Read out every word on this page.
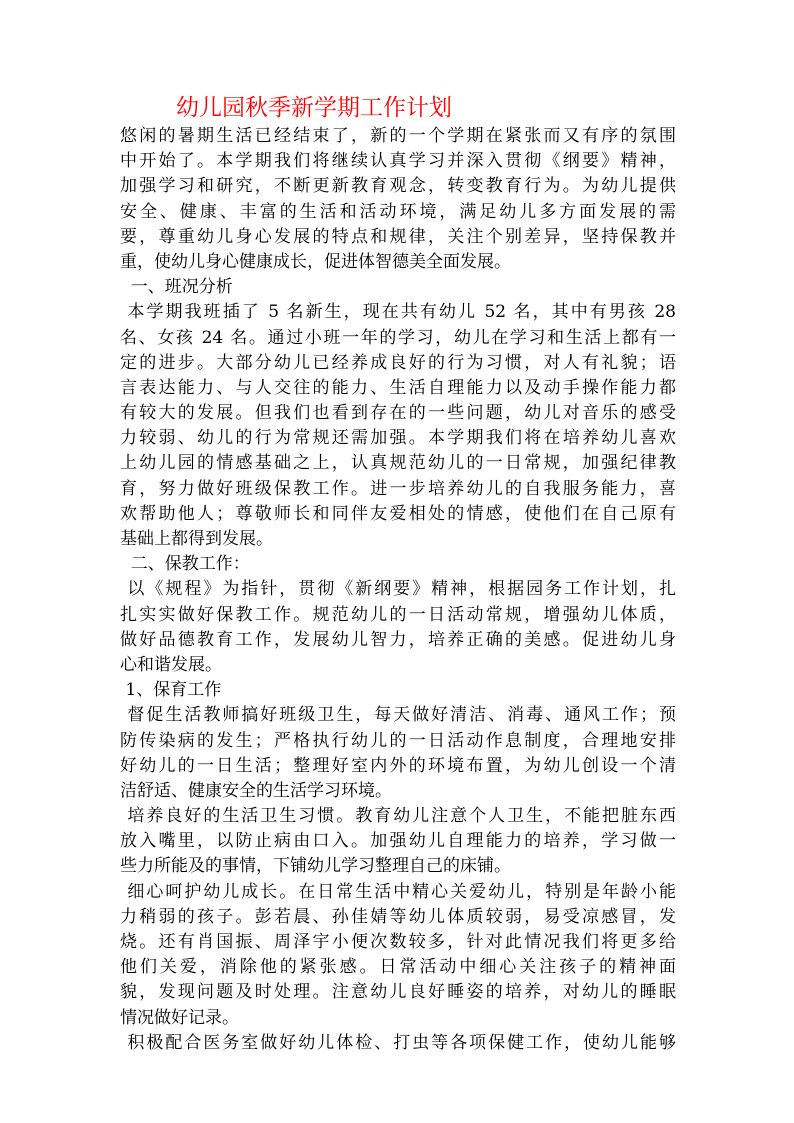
幼儿园秋季新学期工作计划
悠闲的暑期生活已经结束了，新的一个学期在紧张而又有序的氛围
中开始了。本学期我们将继续认真学习并深入贯彻《纲要》精神，
加强学习和研究，不断更新教育观念，转变教育行为。为幼儿提供
安全、健康、丰富的生活和活动环境，满足幼儿多方面发展的需
要，尊重幼儿身心发展的特点和规律，关注个别差异，坚持保教并
重，使幼儿身心健康成长，促进体智德美全面发展。
一、班况分析
本学期我班插了 5 名新生，现在共有幼儿 52 名，其中有男孩 28
名、女孩 24 名。通过小班一年的学习，幼儿在学习和生活上都有一
定的进步。大部分幼儿已经养成良好的行为习惯，对人有礼貌；语
言表达能力、与人交往的能力、生活自理能力以及动手操作能力都
有较大的发展。但我们也看到存在的一些问题，幼儿对音乐的感受
力较弱、幼儿的行为常规还需加强。本学期我们将在培养幼儿喜欢
上幼儿园的情感基础之上，认真规范幼儿的一日常规，加强纪律教
育，努力做好班级保教工作。进一步培养幼儿的自我服务能力，喜
欢帮助他人；尊敬师长和同伴友爱相处的情感，使他们在自己原有
基础上都得到发展。
二、保教工作：
以《规程》为指针，贯彻《新纲要》精神，根据园务工作计划，扎
扎实实做好保教工作。规范幼儿的一日活动常规，增强幼儿体质，
做好品德教育工作，发展幼儿智力，培养正确的美感。促进幼儿身
心和谐发展。
1、保育工作
督促生活教师搞好班级卫生，每天做好清洁、消毒、通风工作；预
防传染病的发生；严格执行幼儿的一日活动作息制度，合理地安排
好幼儿的一日生活；整理好室内外的环境布置，为幼儿创设一个清
洁舒适、健康安全的生活学习环境。
培养良好的生活卫生习惯。教育幼儿注意个人卫生，不能把脏东西
放入嘴里，以防止病由口入。加强幼儿自理能力的培养，学习做一
些力所能及的事情，下铺幼儿学习整理自己的床铺。
细心呵护幼儿成长。在日常生活中精心关爱幼儿，特别是年龄小能
力稍弱的孩子。彭若晨、孙佳婧等幼儿体质较弱，易受凉感冒，发
烧。还有肖国振、周泽宇小便次数较多，针对此情况我们将更多给
他们关爱，消除他的紧张感。日常活动中细心关注孩子的精神面
貌，发现问题及时处理。注意幼儿良好睡姿的培养，对幼儿的睡眠
情况做好记录。
积极配合医务室做好幼儿体检、打虫等各项保健工作，使幼儿能够
